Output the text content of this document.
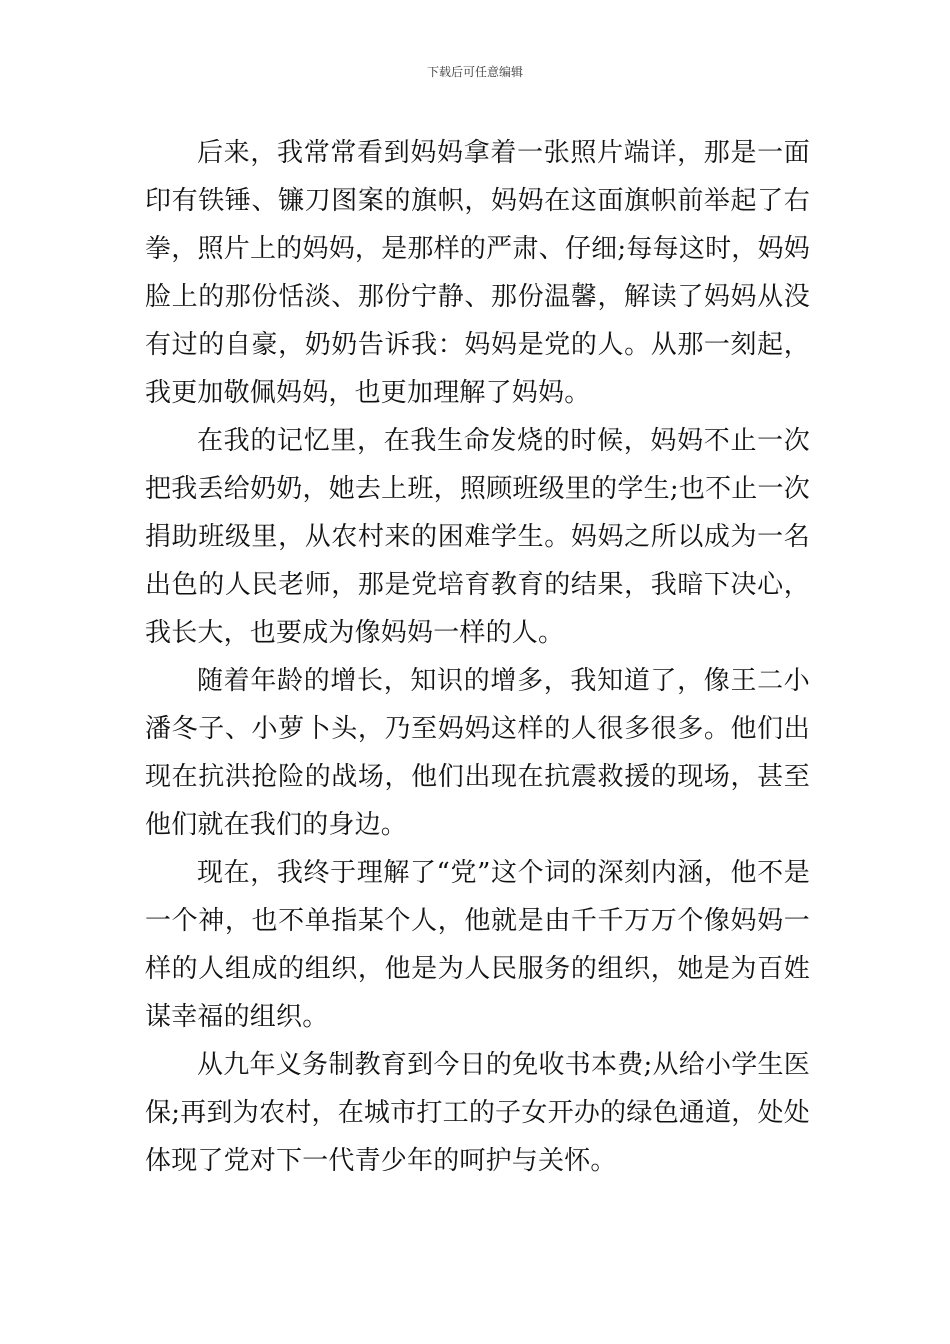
下载后可任意编辑

后来，我常常看到妈妈拿着一张照片端详，那是一面印有铁锤、镰刀图案的旗帜，妈妈在这面旗帜前举起了右拳，照片上的妈妈，是那样的严肃、仔细;每每这时，妈妈脸上的那份恬淡、那份宁静、那份温馨，解读了妈妈从没有过的自豪，奶奶告诉我：妈妈是党的人。从那一刻起，我更加敬佩妈妈，也更加理解了妈妈。

在我的记忆里，在我生命发烧的时候，妈妈不止一次把我丢给奶奶，她去上班，照顾班级里的学生;也不止一次捐助班级里，从农村来的困难学生。妈妈之所以成为一名出色的人民老师，那是党培育教育的结果，我暗下决心，我长大，也要成为像妈妈一样的人。

随着年龄的增长，知识的增多，我知道了，像王二小潘冬子、小萝卜头，乃至妈妈这样的人很多很多。他们出现在抗洪抢险的战场，他们出现在抗震救援的现场，甚至他们就在我们的身边。

现在，我终于理解了“党”这个词的深刻内涵，他不是一个神，也不单指某个人，他就是由千千万万个像妈妈一样的人组成的组织，他是为人民服务的组织，她是为百姓谋幸福的组织。

从九年义务制教育到今日的免收书本费;从给小学生医保;再到为农村，在城市打工的子女开办的绿色通道，处处体现了党对下一代青少年的呵护与关怀。
